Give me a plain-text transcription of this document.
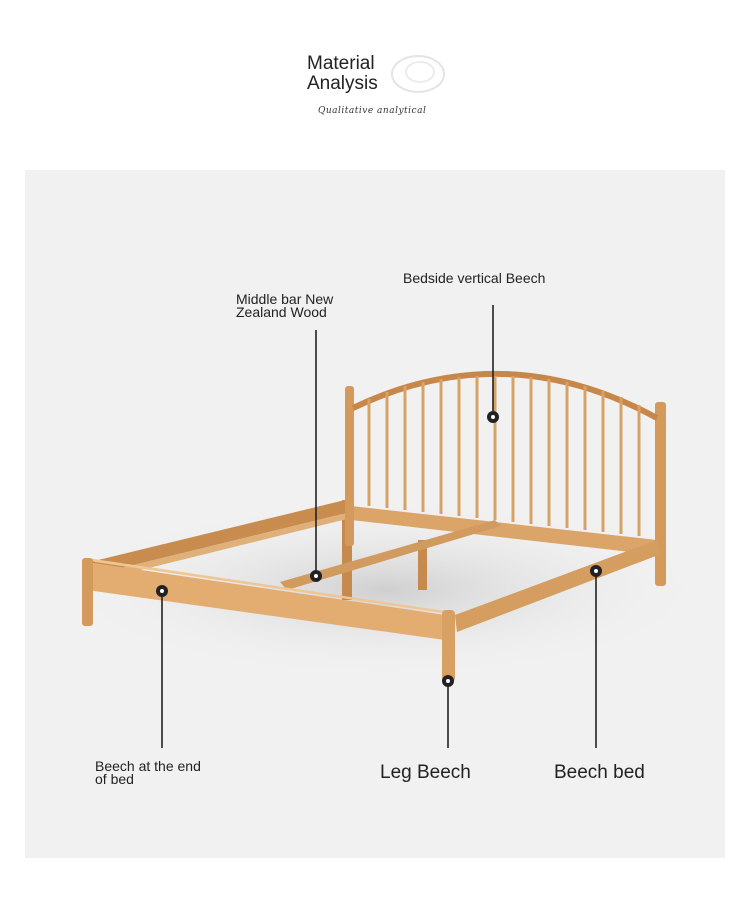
Material
Analysis
Qualitative analytical
Middle bar New
Zealand Wood
Bedside vertical Beech
Beech at the end
of bed	Leg Beech	Beech bed
